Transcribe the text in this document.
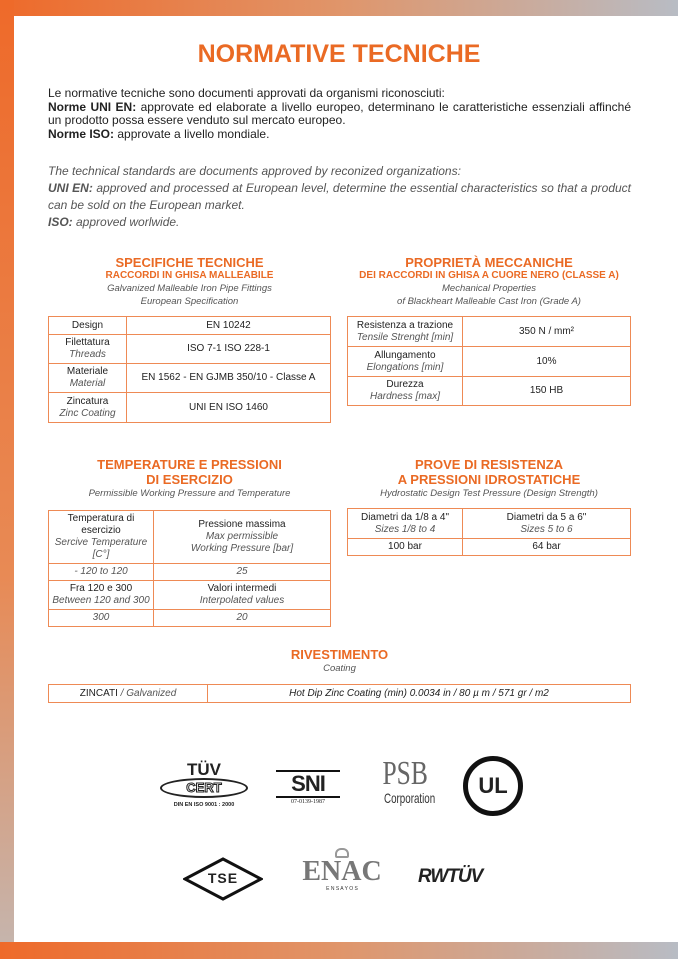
NORMATIVE TECNICHE
Le normative tecniche sono documenti approvati da organismi riconosciuti:
Norme UNI EN: approvate ed elaborate a livello europeo, determinano le caratteristiche essenziali affinché un prodotto possa essere venduto sul mercato europeo.
Norme ISO: approvate a livello mondiale.
The technical standards are documents approved by reconized organizations:
UNI EN: approved and processed at European level, determine the essential characteristics so that a product can be sold on the European market.
ISO: approved worlwide.
SPECIFICHE TECNICHE
RACCORDI IN GHISA MALLEABILE
Galvanized Malleable Iron Pipe Fittings
European Specification
Design	EN 10242
Filettatura
Threads	ISO 7-1 ISO 228-1
Materiale
Material	EN 1562 - EN GJMB 350/10 - Classe A
Zincatura
Zinc Coating	UNI EN ISO 1460
PROPRIETÀ MECCANICHE
DEI RACCORDI IN GHISA A CUORE NERO (CLASSE A)
Mechanical Properties
of Blackheart Malleable Cast Iron (Grade A)
Resistenza a trazione
Tensile Strenght [min]	350 N / mm²
Allungamento
Elongations [min]	10%
Durezza
Hardness [max]	150 HB
TEMPERATURE E PRESSIONI
DI ESERCIZIO
Permissible Working Pressure and Temperature
Temperatura di esercizio
Sercive Temperature [C°]	Pressione massima
Max permissible
Working Pressure [bar]

- 120 to 120	25

Fra 120 e 300
Between 120 and 300	Valori intermedi
Interpolated values

300	20
PROVE DI RESISTENZA
A PRESSIONI IDROSTATICHE
Hydrostatic Design Test Pressure (Design Strength)
Diametri da 1/8 a 4"
Sizes 1/8 to 4	Diametri da 5 a 6"
Sizes 5 to 6

100 bar	64 bar
RIVESTIMENTO
Coating
ZINCATI / Galvanized	Hot Dip Zinc Coating (min) 0.0034 in / 80 µ m / 571 gr / m2
TÜV
CERT
DIN EN ISO 9001 : 2000
SNI
07-0139-1987
PSB
Corporation	UL
TSE	ENAC
E N S A Y O S
RWTÜV
